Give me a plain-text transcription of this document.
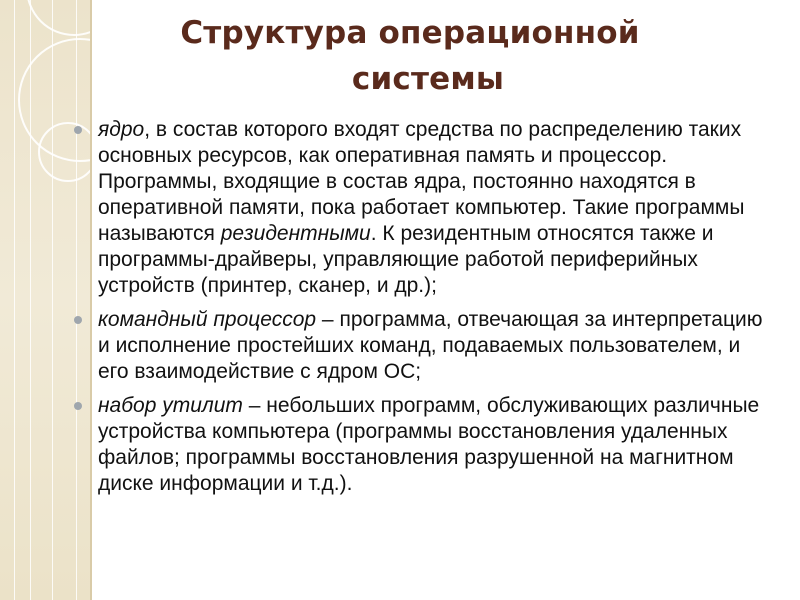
Структура операционной
системы
ядро, в состав которого входят средства по распределению таких основных ресурсов, как оперативная память и процессор. Программы, входящие в состав ядра, постоянно находятся в оперативной памяти, пока работает компьютер. Такие программы называются резидентными. К резидентным относятся также и программы-драйверы, управляющие работой периферийных устройств (принтер, сканер, и др.);
командный процессор – программа, отвечающая за интерпретацию и исполнение простейших команд, подаваемых пользователем, и его взаимодействие с ядром ОС;
набор утилит – небольших программ, обслуживающих различные устройства компьютера (программы восстановления удаленных файлов; программы восстановления разрушенной на магнитном диске информации и т.д.).
